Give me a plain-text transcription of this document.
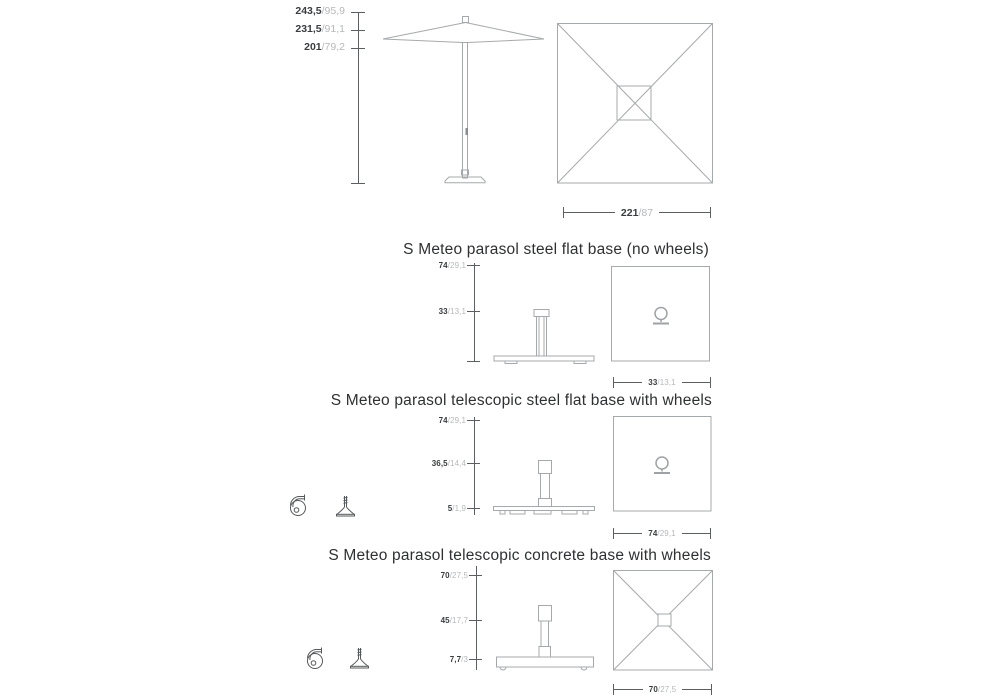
243,5/95,9
231,5/91,1
201/79,2
221/87
S Meteo parasol steel flat base (no wheels)
74/29,1
33/13,1
33/13,1
S Meteo parasol telescopic steel flat base with wheels
74/29,1
36,5/14,4
5/1,9
74/29,1
S Meteo parasol telescopic concrete base with wheels
70/27,5
45/17,7
7,7/3
70/27,5
